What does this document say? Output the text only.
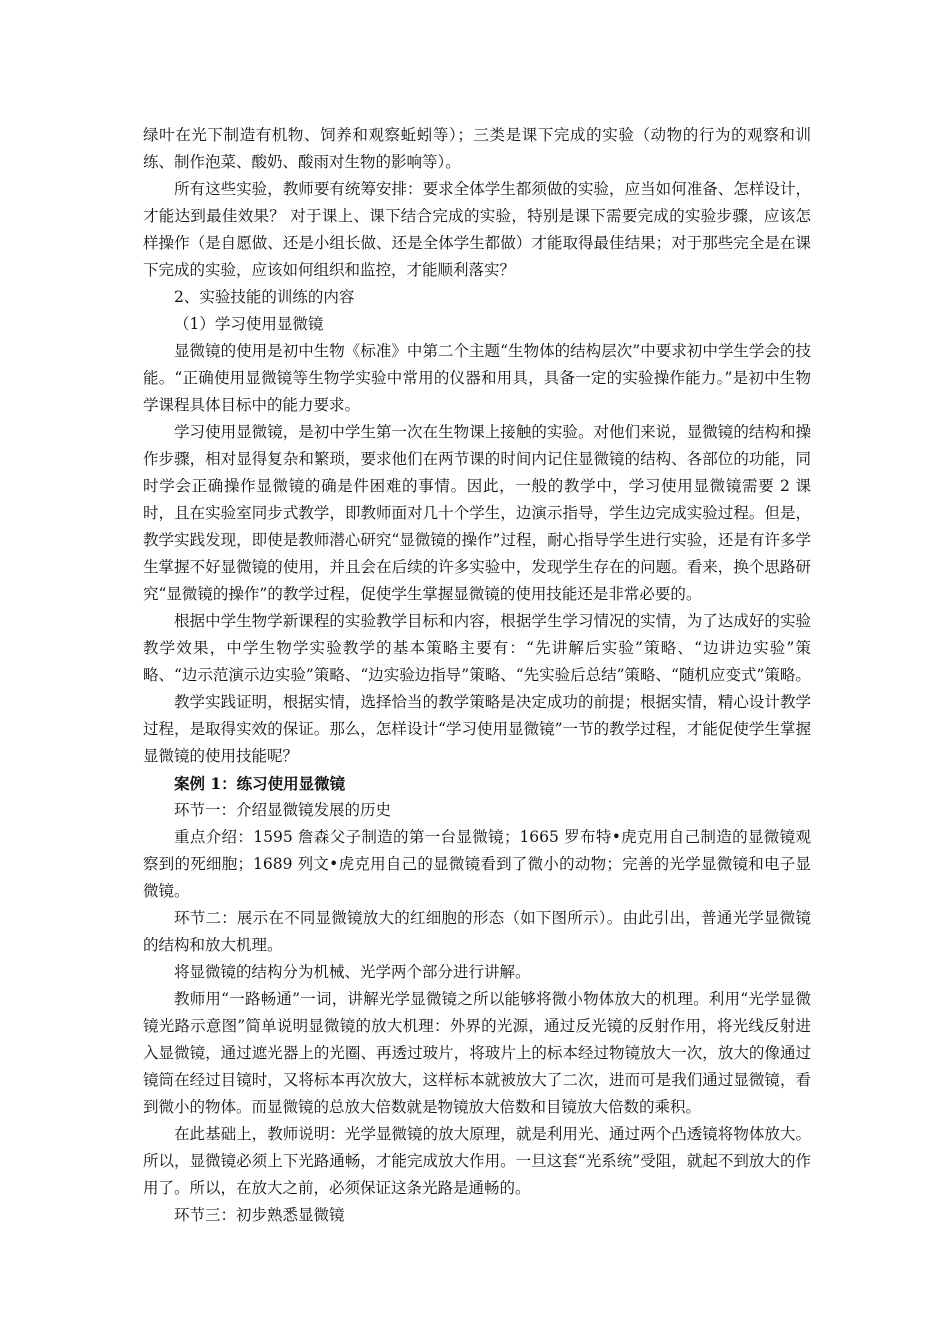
绿叶在光下制造有机物、饲养和观察蚯蚓等）；三类是课下完成的实验（动物的行为的观察和训练、制作泡菜、酸奶、酸雨对生物的影响等）。

所有这些实验，教师要有统筹安排：要求全体学生都须做的实验，应当如何准备、怎样设计，才能达到最佳效果？ 对于课上、课下结合完成的实验，特别是课下需要完成的实验步骤，应该怎样操作（是自愿做、还是小组长做、还是全体学生都做）才能取得最佳结果；对于那些完全是在课下完成的实验，应该如何组织和监控，才能顺利落实？

2、实验技能的训练的内容

（1）学习使用显微镜

显微镜的使用是初中生物《标准》中第二个主题“生物体的结构层次”中要求初中学生学会的技能。“正确使用显微镜等生物学实验中常用的仪器和用具，具备一定的实验操作能力。”是初中生物学课程具体目标中的能力要求。

学习使用显微镜，是初中学生第一次在生物课上接触的实验。对他们来说，显微镜的结构和操作步骤，相对显得复杂和繁琐，要求他们在两节课的时间内记住显微镜的结构、各部位的功能，同时学会正确操作显微镜的确是件困难的事情。因此，一般的教学中，学习使用显微镜需要 2 课时，且在实验室同步式教学，即教师面对几十个学生，边演示指导，学生边完成实验过程。但是，教学实践发现，即使是教师潜心研究“显微镜的操作”过程，耐心指导学生进行实验，还是有许多学生掌握不好显微镜的使用，并且会在后续的许多实验中，发现学生存在的问题。看来，换个思路研究“显微镜的操作”的教学过程，促使学生掌握显微镜的使用技能还是非常必要的。

根据中学生物学新课程的实验教学目标和内容，根据学生学习情况的实情，为了达成好的实验教学效果，中学生物学实验教学的基本策略主要有：“先讲解后实验”策略、“边讲边实验”策略、“边示范演示边实验”策略、“边实验边指导”策略、“先实验后总结”策略、“随机应变式”策略。

教学实践证明，根据实情，选择恰当的教学策略是决定成功的前提；根据实情，精心设计教学过程，是取得实效的保证。那么，怎样设计“学习使用显微镜”一节的教学过程，才能促使学生掌握显微镜的使用技能呢？

案例 1：练习使用显微镜

环节一：介绍显微镜发展的历史

重点介绍：1595 詹森父子制造的第一台显微镜；1665 罗布特•虎克用自己制造的显微镜观察到的死细胞；1689 列文•虎克用自己的显微镜看到了微小的动物；完善的光学显微镜和电子显微镜。

环节二：展示在不同显微镜放大的红细胞的形态（如下图所示）。由此引出，普通光学显微镜的结构和放大机理。

将显微镜的结构分为机械、光学两个部分进行讲解。

教师用“一路畅通”一词，讲解光学显微镜之所以能够将微小物体放大的机理。利用“光学显微镜光路示意图”简单说明显微镜的放大机理：外界的光源，通过反光镜的反射作用，将光线反射进入显微镜，通过遮光器上的光圈、再透过玻片，将玻片上的标本经过物镜放大一次，放大的像通过镜筒在经过目镜时，又将标本再次放大，这样标本就被放大了二次，进而可是我们通过显微镜，看到微小的物体。而显微镜的总放大倍数就是物镜放大倍数和目镜放大倍数的乘积。

在此基础上，教师说明：光学显微镜的放大原理，就是利用光、通过两个凸透镜将物体放大。所以，显微镜必须上下光路通畅，才能完成放大作用。一旦这套“光系统”受阻，就起不到放大的作用了。所以，在放大之前，必须保证这条光路是通畅的。

环节三：初步熟悉显微镜
